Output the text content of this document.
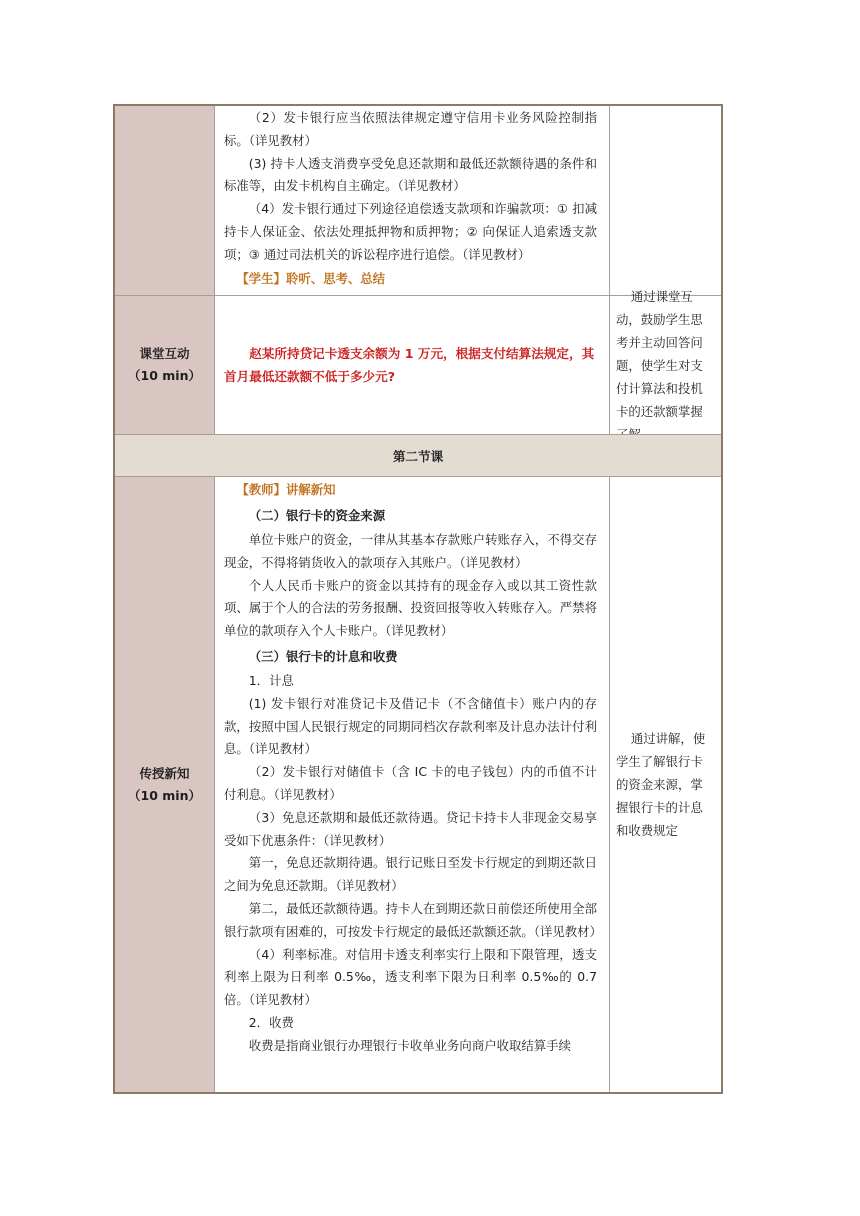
（2）发卡银行应当依照法律规定遵守信用卡业务风险控制指标。（详见教材）

(3) 持卡人透支消费享受免息还款期和最低还款额待遇的条件和标准等，由发卡机构自主确定。（详见教材）

（4）发卡银行通过下列途径追偿透支款项和诈骗款项：① 扣减持卡人保证金、依法处理抵押物和质押物；② 向保证人追索透支款项；③ 通过司法机关的诉讼程序进行追偿。（详见教材）

【学生】聆听、思考、总结

课堂互动
（10 min）

赵某所持贷记卡透支余额为 1 万元，根据支付结算法规定，其首月最低还款额不低于多少元?

通过课堂互动，鼓励学生思考并主动回答问题，使学生对支付计算法和投机卡的还款额掌握
第二节课
传授新知
（10 min）

【教师】讲解新知

（二）银行卡的资金来源

单位卡账户的资金，一律从其基本存款账户转账存入，不得交存现金，不得将销货收入的款项存入其账户。（详见教材）

个人人民币卡账户的资金以其持有的现金存入或以其工资性款项、属于个人的合法的劳务报酬、投资回报等收入转账存入。严禁将单位的款项存入个人卡账户。（详见教材）

（三）银行卡的计息和收费

1．计息

(1) 发卡银行对准贷记卡及借记卡（不含储值卡）账户内的存款，按照中国人民银行规定的同期同档次存款利率及计息办法计付利息。（详见教材）

（2）发卡银行对储值卡（含 IC 卡的电子钱包）内的币值不计付利息。（详见教材）

（3）免息还款期和最低还款待遇。贷记卡持卡人非现金交易享受如下优惠条件：（详见教材）

第一，免息还款期待遇。银行记账日至发卡行规定的到期还款日之间为免息还款期。（详见教材）

第二，最低还款额待遇。持卡人在到期还款日前偿还所使用全部银行款项有困难的，可按发卡行规定的最低还款额还款。（详见教材）

（4）利率标准。对信用卡透支利率实行上限和下限管理，透支利率上限为日利率 0.5‰，透支利率下限为日利率 0.5‰的 0.7 倍。（详见教材）

2．收费

收费是指商业银行办理银行卡收单业务向商户收取结算手续

通过讲解，使学生了解银行卡的资金来源，掌握银行卡的计息和收费规定
